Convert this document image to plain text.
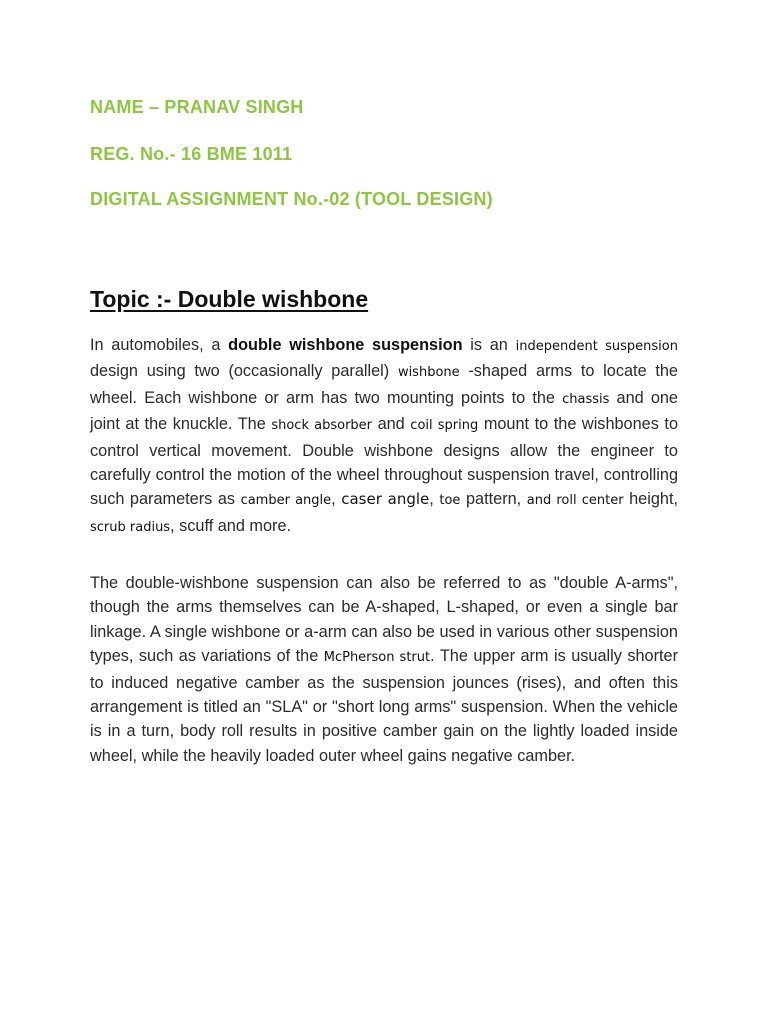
NAME – PRANAV SINGH
REG. No.- 16 BME 1011
DIGITAL ASSIGNMENT No.-02 (TOOL DESIGN)
Topic :- Double wishbone

In automobiles, a double wishbone suspension is an independent suspension design using two (occasionally parallel) wishbone -shaped arms to locate the wheel. Each wishbone or arm has two mounting points to the chassis and one joint at the knuckle. The shock absorber and coil spring mount to the wishbones to control vertical movement. Double wishbone designs allow the engineer to carefully control the motion of the wheel throughout suspension travel, controlling such parameters as camber angle, caser angle, toe pattern, and roll center height, scrub radius, scuff and more.

The double-wishbone suspension can also be referred to as "double A-arms", though the arms themselves can be A-shaped, L-shaped, or even a single bar linkage. A single wishbone or a-arm can also be used in various other suspension types, such as variations of the McPherson strut. The upper arm is usually shorter to induced negative camber as the suspension jounces (rises), and often this arrangement is titled an "SLA" or "short long arms" suspension. When the vehicle is in a turn, body roll results in positive camber gain on the lightly loaded inside wheel, while the heavily loaded outer wheel gains negative camber.
